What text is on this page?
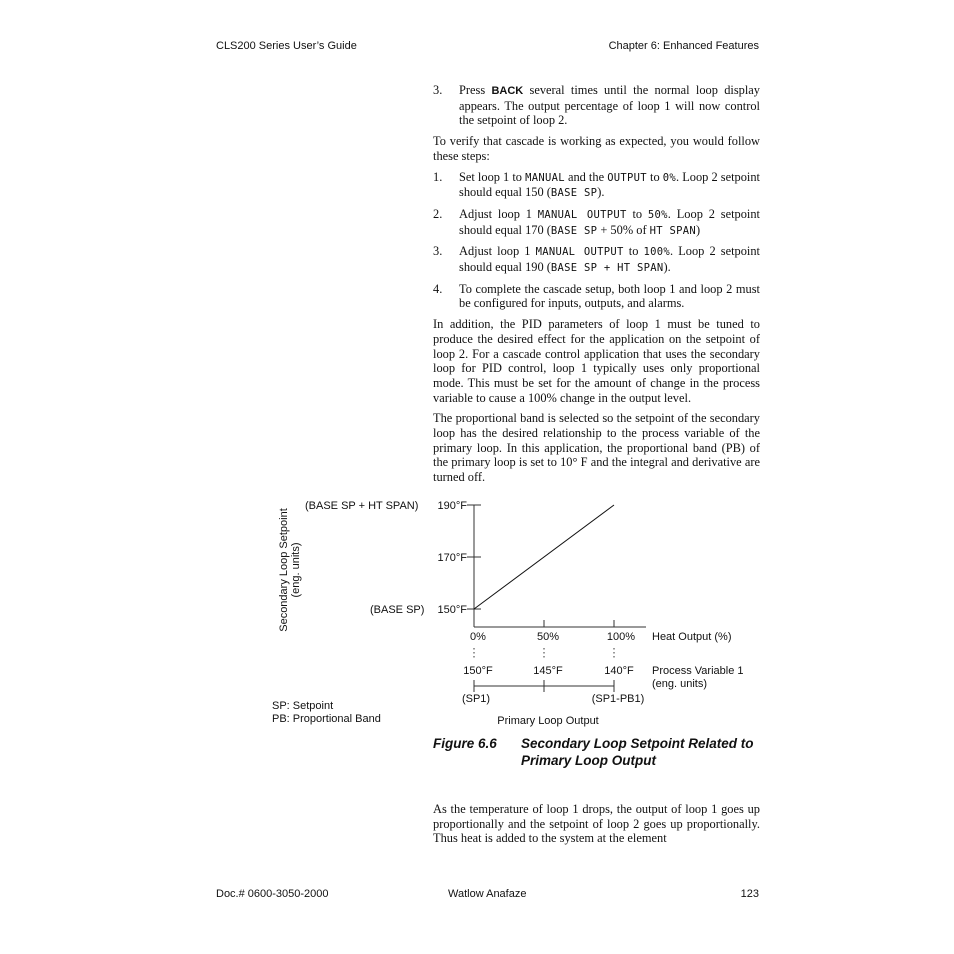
CLS200 Series User’s Guide	Chapter 6: Enhanced Features
3.	Press BACK several times until the normal loop display appears. The output percentage of loop 1 will now control the setpoint of loop 2.

To verify that cascade is working as expected, you would follow these steps:

1.	Set loop 1 to MANUAL and the OUTPUT to 0%. Loop 2 setpoint should equal 150 (BASE SP).
2.	Adjust loop 1 MANUAL OUTPUT to 50%. Loop 2 setpoint should equal 170 (BASE SP + 50% of HT SPAN)
3.	Adjust loop 1 MANUAL OUTPUT to 100%. Loop 2 setpoint should equal 190 (BASE SP + HT SPAN).
4.	To complete the cascade setup, both loop 1 and loop 2 must be configured for inputs, outputs, and alarms.

In addition, the PID parameters of loop 1 must be tuned to produce the desired effect for the application on the setpoint of loop 2. For a cascade control application that uses the secondary loop for PID control, loop 1 typically uses only proportional mode. This must be set for the amount of change in the process variable to cause a 100% change in the output level.

The proportional band is selected so the setpoint of the secondary loop has the desired relationship to the process variable of the primary loop. In this application, the proportional band (PB) of the primary loop is set to 10° F and the integral and derivative are turned off.

190°F
170°F
150°F
(BASE SP + HT SPAN)
(BASE SP)
Secondary Loop Setpoint (eng. units)
0%	50%	100% Heat Output (%)
150°F	145°F	140°F Process Variable 1
(eng. units)
(SP1)	(SP1-PB1)
Primary Loop Output
SP: Setpoint
PB: Proportional Band
Figure 6.6	Secondary Loop Setpoint Related to Primary Loop Output

As the temperature of loop 1 drops, the output of loop 1 goes up proportionally and the setpoint of loop 2 goes up proportionally. Thus heat is added to the system at the element

Doc.# 0600-3050-2000	Watlow Anafaze	123
